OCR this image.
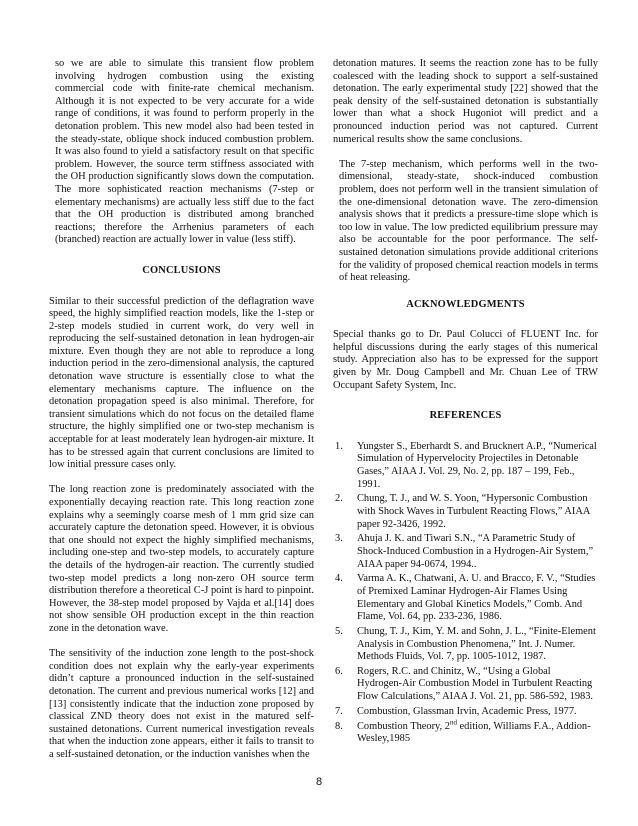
so we are able to simulate this transient flow problem involving hydrogen combustion using the existing commercial code with finite-rate chemical mechanism. Although it is not expected to be very accurate for a wide range of conditions, it was found to perform properly in the detonation problem. This new model also had been tested in the steady-state, oblique shock induced combustion problem. It was also found to yield a satisfactory result on that specific problem. However, the source term stiffness associated with the OH production significantly slows down the computation. The more sophisticated reaction mechanisms (7-step or elementary mechanisms) are actually less stiff due to the fact that the OH production is distributed among branched reactions; therefore the Arrhenius parameters of each (branched) reaction are actually lower in value (less stiff).

CONCLUSIONS

Similar to their successful prediction of the deflagration wave speed, the highly simplified reaction models, like the 1-step or 2-step models studied in current work, do very well in reproducing the self-sustained detonation in lean hydrogen-air mixture. Even though they are not able to reproduce a long induction period in the zero-dimensional analysis, the captured detonation wave structure is essentially close to what the elementary mechanisms capture. The influence on the detonation propagation speed is also minimal. Therefore, for transient simulations which do not focus on the detailed flame structure, the highly simplified one or two-step mechanism is acceptable for at least moderately lean hydrogen-air mixture. It has to be stressed again that current conclusions are limited to low initial pressure cases only.

The long reaction zone is predominately associated with the exponentially decaying reaction rate. This long reaction zone explains why a seemingly coarse mesh of 1 mm grid size can accurately capture the detonation speed. However, it is obvious that one should not expect the highly simplified mechanisms, including one-step and two-step models, to accurately capture the details of the hydrogen-air reaction. The currently studied two-step model predicts a long non-zero OH source term distribution therefore a theoretical C-J point is hard to pinpoint. However, the 38-step model proposed by Vajda et al.[14] does not show sensible OH production except in the thin reaction zone in the detonation wave.

The sensitivity of the induction zone length to the post-shock condition does not explain why the early-year experiments didn’t capture a pronounced induction in the self-sustained detonation. The current and previous numerical works [12] and [13] consistently indicate that the induction zone proposed by classical ZND theory does not exist in the matured self-sustained detonations. Current numerical investigation reveals that when the induction zone appears, either it fails to transit to a self-sustained detonation, or the induction vanishes when the

detonation matures. It seems the reaction zone has to be fully coalesced with the leading shock to support a self-sustained detonation. The early experimental study [22] showed that the peak density of the self-sustained detonation is substantially lower than what a shock Hugoniot will predict and a pronounced induction period was not captured. Current numerical results show the same conclusions.

The 7-step mechanism, which performs well in the two-dimensional, steady-state, shock-induced combustion problem, does not perform well in the transient simulation of the one-dimensional detonation wave. The zero-dimension analysis shows that it predicts a pressure-time slope which is too low in value. The low predicted equilibrium pressure may also be accountable for the poor performance. The self-sustained detonation simulations provide additional criterions for the validity of proposed chemical reaction models in terms of heat releasing.

ACKNOWLEDGMENTS

Special thanks go to Dr. Paul Colucci of FLUENT Inc. for helpful discussions during the early stages of this numerical study. Appreciation also has to be expressed for the support given by Mr. Doug Campbell and Mr. Chuan Lee of TRW Occupant Safety System, Inc.

REFERENCES
1.	Yungster S., Eberhardt S. and Brucknert A.P., “Numerical Simulation of Hypervelocity Projectiles in Detonable Gases,” AIAA J. Vol. 29, No. 2, pp. 187 – 199, Feb., 1991.
2.	Chung, T. J., and W. S. Yoon, “Hypersonic Combustion with Shock Waves in Turbulent Reacting Flows,” AIAA paper 92-3426, 1992.
3.	Ahuja J. K. and Tiwari S.N., “A Parametric Study of Shock-Induced Combustion in a Hydrogen-Air System,” AIAA paper 94-0674, 1994..
4.	Varma A. K., Chatwani, A. U. and Bracco, F. V., “Studies of Premixed Laminar Hydrogen-Air Flames Using Elementary and Global Kinetics Models,” Comb. And Flame, Vol. 64, pp. 233-236, 1986.
5.	Chung, T. J., Kim, Y. M. and Sohn, J. L., “Finite-Element Analysis in Combustion Phenomena,” Int. J. Numer. Methods Fluids, Vol. 7, pp. 1005-1012, 1987.
6.	Rogers, R.C. and Chinitz, W., “Using a Global Hydrogen-Air Combustion Model in Turbulent Reacting Flow Calculations,” AIAA J. Vol. 21, pp. 586-592, 1983.
7.	Combustion, Glassman Irvin, Academic Press, 1977.
8.	Combustion Theory, 2nd edition, Williams F.A., Addion-Wesley,1985
8
